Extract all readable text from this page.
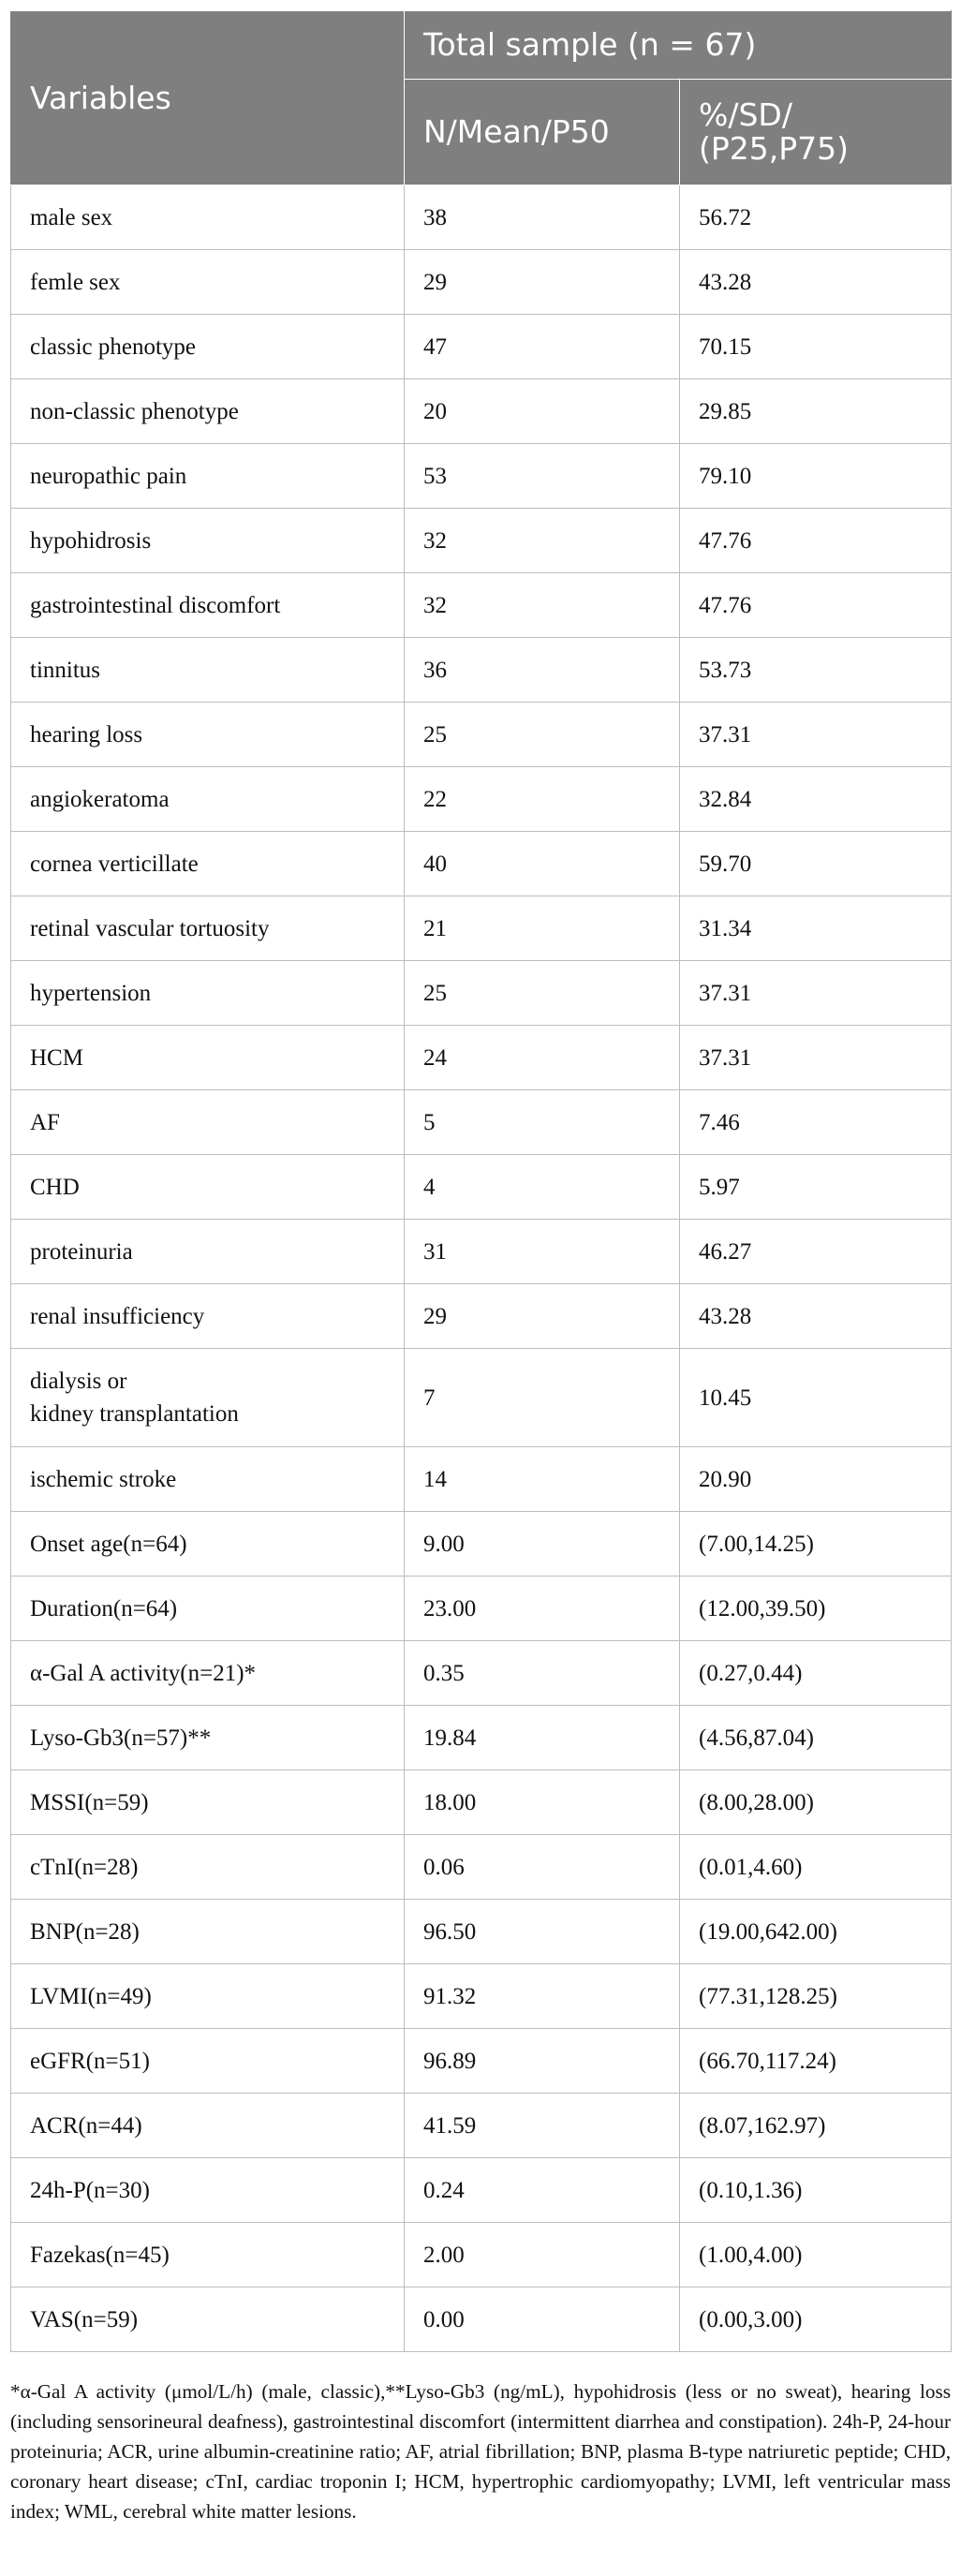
Variables	Total sample (n = 67)	
	N/Mean/P50	%/SD/
(P25,P75)
male sex	38	56.72
femle sex	29	43.28
classic phenotype	47	70.15
non-classic phenotype	20	29.85
neuropathic pain	53	79.10
hypohidrosis	32	47.76
gastrointestinal discomfort	32	47.76
tinnitus	36	53.73
hearing loss	25	37.31
angiokeratoma	22	32.84
cornea verticillate	40	59.70
retinal vascular tortuosity	21	31.34
hypertension	25	37.31
HCM	24	37.31
AF	5	7.46
CHD	4	5.97
proteinuria	31	46.27
renal insufficiency	29	43.28
dialysis or
kidney transplantation	7	10.45
ischemic stroke	14	20.90
Onset age(n=64)	9.00	(7.00,14.25)
Duration(n=64)	23.00	(12.00,39.50)
α-Gal A activity(n=21)*	0.35	(0.27,0.44)
Lyso-Gb3(n=57)**	19.84	(4.56,87.04)
MSSI(n=59)	18.00	(8.00,28.00)
cTnI(n=28)	0.06	(0.01,4.60)
BNP(n=28)	96.50	(19.00,642.00)
LVMI(n=49)	91.32	(77.31,128.25)
eGFR(n=51)	96.89	(66.70,117.24)
ACR(n=44)	41.59	(8.07,162.97)
24h-P(n=30)	0.24	(0.10,1.36)
Fazekas(n=45)	2.00	(1.00,4.00)
VAS(n=59)	0.00	(0.00,3.00)
*α-Gal A activity (μmol/L/h) (male, classic),**Lyso-Gb3 (ng/mL), hypohidrosis (less or no sweat), hearing loss (including sensorineural deafness), gastrointestinal discomfort (intermittent diarrhea and constipation). 24h-P, 24-hour proteinuria; ACR, urine albumin-creatinine ratio; AF, atrial fibrillation; BNP, plasma B-type natriuretic peptide; CHD, coronary heart disease; cTnI, cardiac troponin I; HCM, hypertrophic cardiomyopathy; LVMI, left ventricular mass index; WML, cerebral white matter lesions.
